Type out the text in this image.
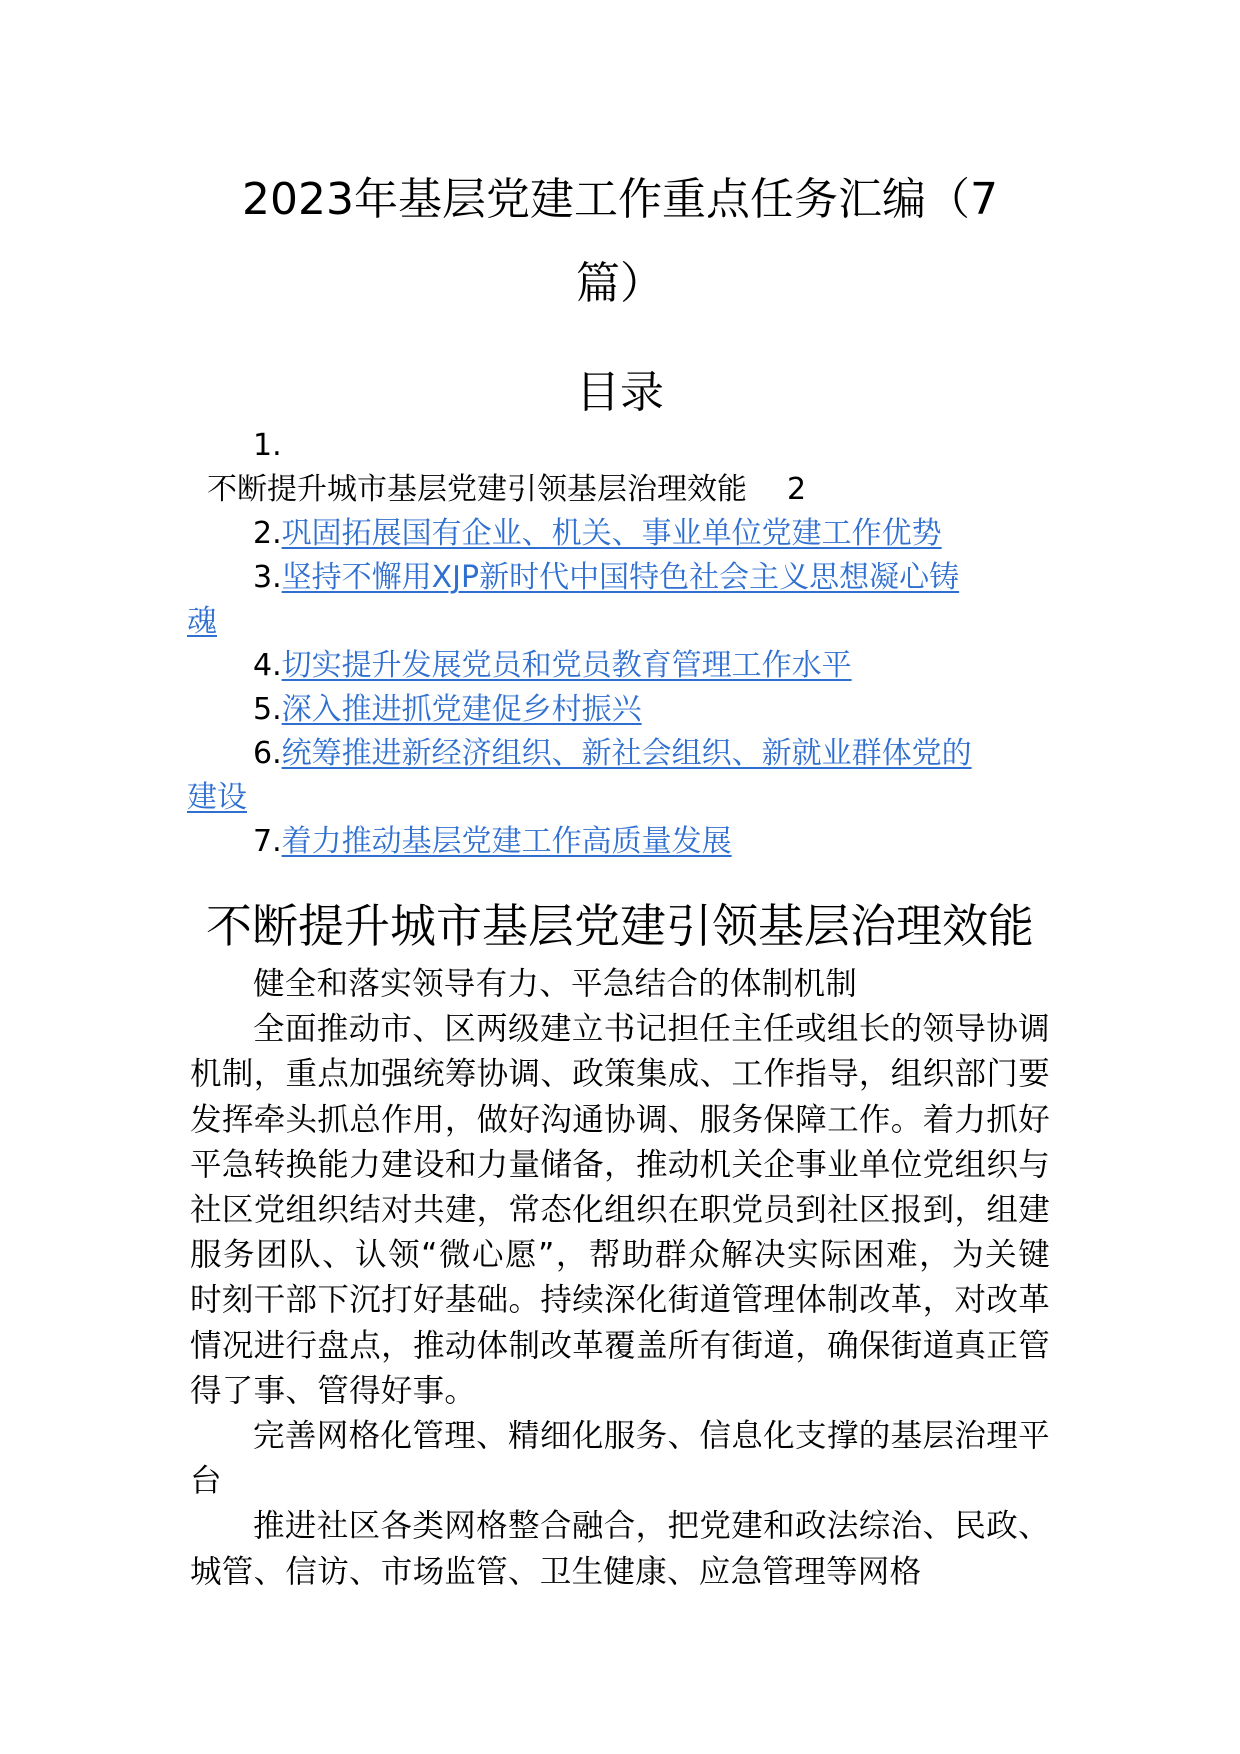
2023年基层党建工作重点任务汇编（7
篇）
目录
1.
不断提升城市基层党建引领基层治理效能 2
2.巩固拓展国有企业、机关、事业单位党建工作优势
3.坚持不懈用XJP新时代中国特色社会主义思想凝心铸
魂
4.切实提升发展党员和党员教育管理工作水平
5.深入推进抓党建促乡村振兴
6.统筹推进新经济组织、新社会组织、新就业群体党的
建设
7.着力推动基层党建工作高质量发展
不断提升城市基层党建引领基层治理效能

健全和落实领导有力、平急结合的体制机制

全面推动市、区两级建立书记担任主任或组长的领导协调机制，重点加强统筹协调、政策集成、工作指导，组织部门要发挥牵头抓总作用，做好沟通协调、服务保障工作。着力抓好平急转换能力建设和力量储备，推动机关企事业单位党组织与社区党组织结对共建，常态化组织在职党员到社区报到，组建服务团队、认领“微心愿”，帮助群众解决实际困难，为关键时刻干部下沉打好基础。持续深化街道管理体制改革，对改革情况进行盘点，推动体制改革覆盖所有街道，确保街道真正管得了事、管得好事。

完善网格化管理、精细化服务、信息化支撑的基层治理平台

推进社区各类网格整合融合，把党建和政法综治、民政、城管、信访、市场监管、卫生健康、应急管理等网格
